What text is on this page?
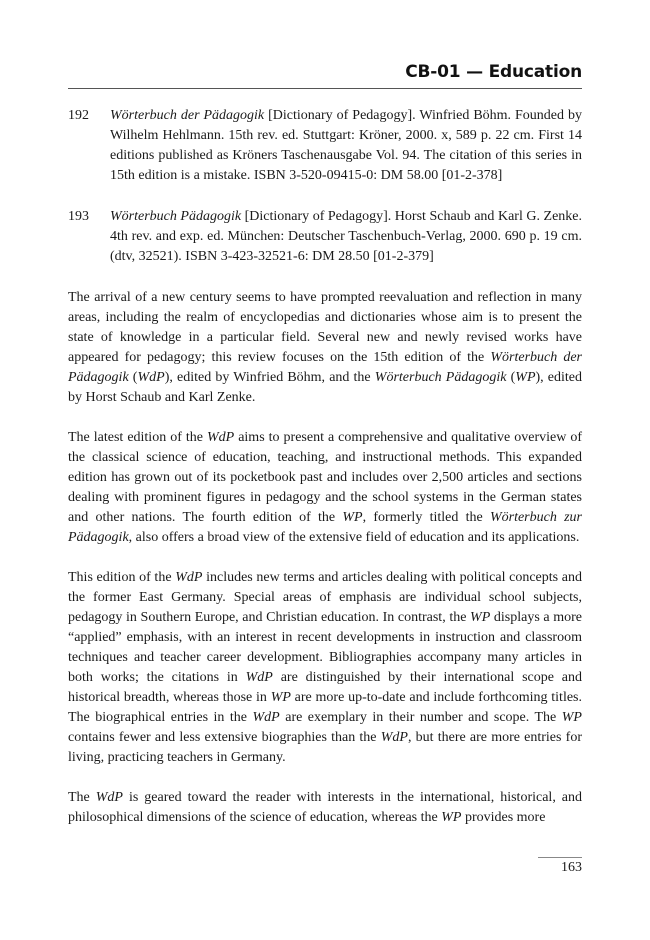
CB-01 — Education
192	Wörterbuch der Pädagogik [Dictionary of Pedagogy]. Winfried Böhm. Founded by Wilhelm Hehlmann. 15th rev. ed. Stuttgart: Kröner, 2000. x, 589 p. 22 cm. First 14 editions published as Kröners Taschenausgabe Vol. 94. The citation of this series in 15th edition is a mistake. ISBN 3-520-09415-0: DM 58.00 [01-2-378]
193	Wörterbuch Pädagogik [Dictionary of Pedagogy]. Horst Schaub and Karl G. Zenke. 4th rev. and exp. ed. München: Deutscher Taschenbuch-Verlag, 2000. 690 p. 19 cm. (dtv, 32521). ISBN 3-423-32521-6: DM 28.50 [01-2-379]

The arrival of a new century seems to have prompted reevaluation and reflection in many areas, including the realm of encyclopedias and dictionaries whose aim is to present the state of knowledge in a particular field. Several new and newly revised works have appeared for pedagogy; this review focuses on the 15th edition of the Wörterbuch der Pädagogik (WdP), edited by Winfried Böhm, and the Wörterbuch Pädagogik (WP), edited by Horst Schaub and Karl Zenke.

The latest edition of the WdP aims to present a comprehensive and qualitative overview of the classical science of education, teaching, and instructional methods. This expanded edition has grown out of its pocketbook past and includes over 2,500 articles and sections dealing with prominent figures in pedagogy and the school systems in the German states and other nations. The fourth edition of the WP, formerly titled the Wörterbuch zur Pädagogik, also offers a broad view of the extensive field of education and its applications.

This edition of the WdP includes new terms and articles dealing with political concepts and the former East Germany. Special areas of emphasis are individual school subjects, pedagogy in Southern Europe, and Christian education. In contrast, the WP displays a more “applied” emphasis, with an interest in recent developments in instruction and classroom techniques and teacher career development. Bibliographies accompany many articles in both works; the citations in WdP are distinguished by their international scope and historical breadth, whereas those in WP are more up-to-date and include forthcoming titles. The biographical entries in the WdP are exemplary in their number and scope. The WP contains fewer and less extensive biographies than the WdP, but there are more entries for living, practicing teachers in Germany.

The WdP is geared toward the reader with interests in the international, historical, and philosophical dimensions of the science of education, whereas the WP provides more

163
